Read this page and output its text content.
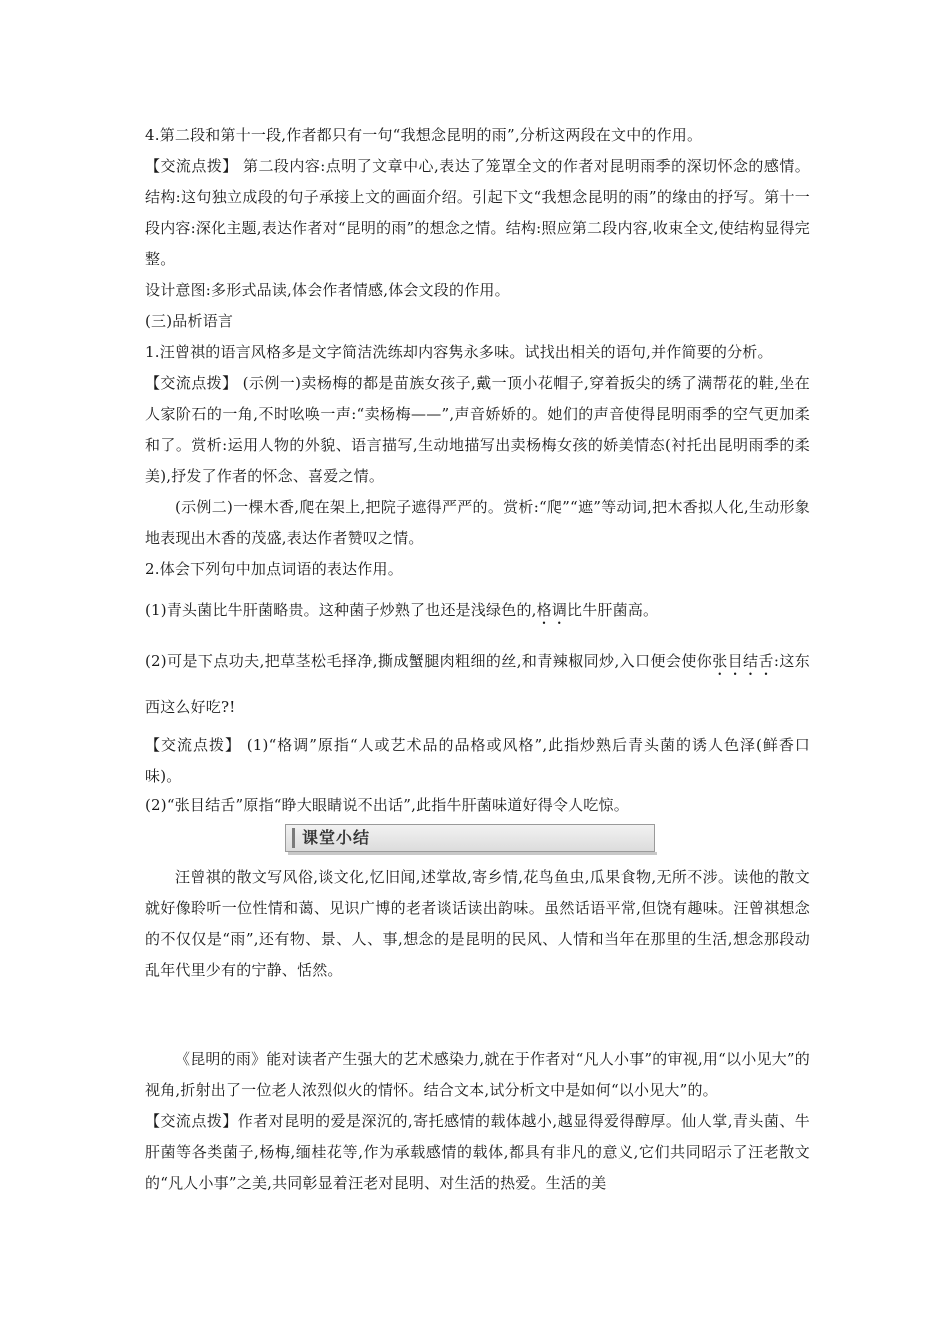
4.第二段和第十一段,作者都只有一句“我想念昆明的雨”,分析这两段在文中的作用。

【交流点拨】 第二段内容:点明了文章中心,表达了笼罩全文的作者对昆明雨季的深切怀念的感情。结构:这句独立成段的句子承接上文的画面介绍。引起下文“我想念昆明的雨”的缘由的抒写。第十一段内容:深化主题,表达作者对“昆明的雨”的想念之情。结构:照应第二段内容,收束全文,使结构显得完整。

设计意图:多形式品读,体会作者情感,体会文段的作用。

(三)品析语言

1.汪曾祺的语言风格多是文字简洁洗练却内容隽永多味。试找出相关的语句,并作简要的分析。

【交流点拨】 (示例一)卖杨梅的都是苗族女孩子,戴一顶小花帽子,穿着扳尖的绣了满帮花的鞋,坐在人家阶石的一角,不时吆唤一声:“卖杨梅——”,声音娇娇的。她们的声音使得昆明雨季的空气更加柔和了。赏析:运用人物的外貌、语言描写,生动地描写出卖杨梅女孩的娇美情态(衬托出昆明雨季的柔美),抒发了作者的怀念、喜爱之情。

(示例二)一棵木香,爬在架上,把院子遮得严严的。赏析:“爬”“遮”等动词,把木香拟人化,生动形象地表现出木香的茂盛,表达作者赞叹之情。

2.体会下列句中加点词语的表达作用。

(1)青头菌比牛肝菌略贵。这种菌子炒熟了也还是浅绿色的,格调比牛肝菌高。

(2)可是下点功夫,把草茎松毛择净,撕成蟹腿肉粗细的丝,和青辣椒同炒,入口便会使你张目结舌:这东西这么好吃?!

【交流点拨】 (1)“格调”原指“人或艺术品的品格或风格”,此指炒熟后青头菌的诱人色泽(鲜香口味)。

(2)“张目结舌”原指“睁大眼睛说不出话”,此指牛肝菌味道好得令人吃惊。

课堂小结

汪曾祺的散文写风俗,谈文化,忆旧闻,述掌故,寄乡情,花鸟鱼虫,瓜果食物,无所不涉。读他的散文就好像聆听一位性情和蔼、见识广博的老者谈话读出韵味。虽然话语平常,但饶有趣味。汪曾祺想念的不仅仅是“雨”,还有物、景、人、事,想念的是昆明的民风、人情和当年在那里的生活,想念那段动乱年代里少有的宁静、恬然。

《昆明的雨》能对读者产生强大的艺术感染力,就在于作者对“凡人小事”的审视,用“以小见大”的视角,折射出了一位老人浓烈似火的情怀。结合文本,试分析文中是如何“以小见大”的。

【交流点拨】作者对昆明的爱是深沉的,寄托感情的载体越小,越显得爱得醇厚。仙人掌,青头菌、牛肝菌等各类菌子,杨梅,缅桂花等,作为承载感情的载体,都具有非凡的意义,它们共同昭示了汪老散文的“凡人小事”之美,共同彰显着汪老对昆明、对生活的热爱。生活的美
